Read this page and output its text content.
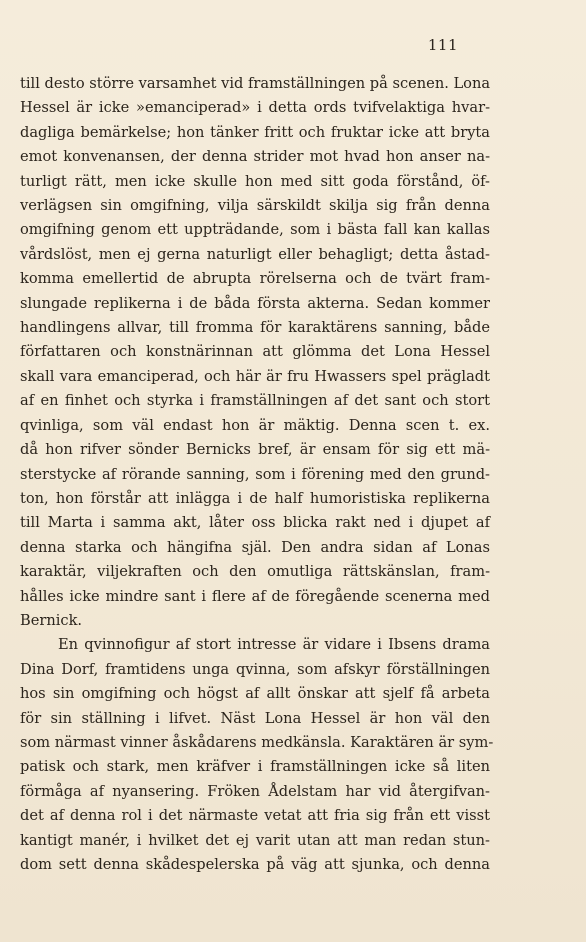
111
till desto större varsamhet vid framställningen på scenen. Lona
Hessel är icke »emanciperad» i detta ords tvifvelaktiga hvar-
dagliga bemärkelse; hon tänker fritt och fruktar icke att bryta
emot konvenansen, der denna strider mot hvad hon anser na-
turligt rätt, men icke skulle hon med sitt goda förstånd, öf-
verlägsen sin omgifning, vilja särskildt skilja sig från denna
omgifning genom ett uppträdande, som i bästa fall kan kallas
vårdslöst, men ej gerna naturligt eller behagligt; detta åstad-
komma emellertid de abrupta rörelserna och de tvärt fram-
slungade replikerna i de båda första akterna. Sedan kommer
handlingens allvar, till fromma för karaktärens sanning, både
författaren och konstnärinnan att glömma det Lona Hessel
skall vara emanciperad, och här är fru Hwassers spel prägladt
af en finhet och styrka i framställningen af det sant och stort
qvinliga, som väl endast hon är mäktig. Denna scen t. ex.
då hon rifver sönder Bernicks bref, är ensam för sig ett mä-
sterstycke af rörande sanning, som i förening med den grund-
ton, hon förstår att inlägga i de half humoristiska replikerna
till Marta i samma akt, låter oss blicka rakt ned i djupet af
denna starka och hängifna själ. Den andra sidan af Lonas
karaktär, viljekraften och den omutliga rättskänslan, fram-
hålles icke mindre sant i flere af de föregående scenerna med
Bernick.
En qvinnofigur af stort intresse är vidare i Ibsens drama
Dina Dorf, framtidens unga qvinna, som afskyr förställningen
hos sin omgifning och högst af allt önskar att sjelf få arbeta
för sin ställning i lifvet. Näst Lona Hessel är hon väl den
som närmast vinner åskådarens medkänsla. Karaktären är sym-
patisk och stark, men kräfver i framställningen icke så liten
förmåga af nyansering. Fröken Ådelstam har vid återgifvan-
det af denna rol i det närmaste vetat att fria sig från ett visst
kantigt manér, i hvilket det ej varit utan att man redan stun-
dom sett denna skådespelerska på väg att sjunka, och denna
